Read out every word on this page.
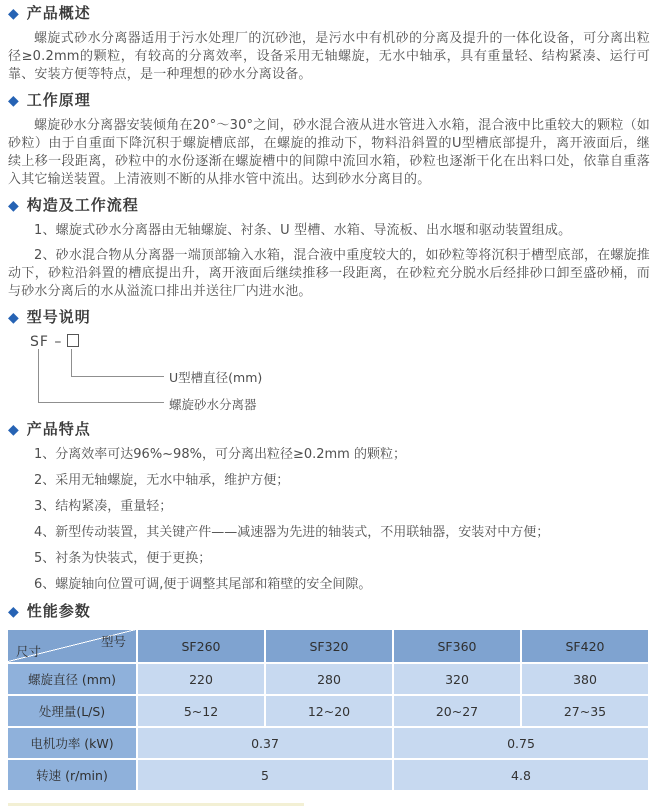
◆ 产品概述

螺旋式砂水分离器适用于污水处理厂的沉砂池，是污水中有机砂的分离及提升的一体化设备，可分离出粒径≥0.2mm的颗粒，有较高的分离效率，设备采用无轴螺旋，无水中轴承，具有重量轻、结构紧凑、运行可靠、安装方便等特点，是一种理想的砂水分离设备。

◆ 工作原理

螺旋砂水分离器安装倾角在20°～30°之间，砂水混合液从进水管进入水箱，混合液中比重较大的颗粒（如砂粒）由于自重面下降沉积于螺旋槽底部，在螺旋的推动下，物料沿斜置的U型槽底部提升，离开液面后，继续上移一段距离，砂粒中的水份逐渐在螺旋槽中的间隙中流回水箱，砂粒也逐渐干化在出料口处，依靠自重落入其它输送装置。上清液则不断的从排水管中流出。达到砂水分离目的。

◆ 构造及工作流程

1、螺旋式砂水分离器由无轴螺旋、衬条、U 型槽、水箱、导流板、出水堰和驱动装置组成。

2、砂水混合物从分离器一端顶部输入水箱，混合液中重度较大的，如砂粒等将沉积于槽型底部，在螺旋推动下，砂粒沿斜置的槽底提出升，离开液面后继续推移一段距离，在砂粒充分脱水后经排砂口卸至盛砂桶，而与砂水分离后的水从溢流口排出并送往厂内进水池。

◆ 型号说明
SF –
U型槽直径(mm)
螺旋砂水分离器
◆ 产品特点

1、分离效率可达96%~98%，可分离出粒径≥0.2mm 的颗粒；

2、采用无轴螺旋，无水中轴承，维护方便；

3、结构紧凑，重量轻；

4、新型传动装置，其关键产件——减速器为先进的轴装式，不用联轴器，安装对中方便；

5、衬条为快装式，便于更换；

6、螺旋轴向位置可调,便于调整其尾部和箱壁的安全间隙。

◆ 性能参数
型号
尺寸	SF260	SF320	SF360	SF420
螺旋直径 (mm)	220	280	320	380
处理量(L/S)	5~12	12~20	20~27	27~35
电机功率 (kW)	0.37		0.75	
转速 (r/min)	5		4.8	
